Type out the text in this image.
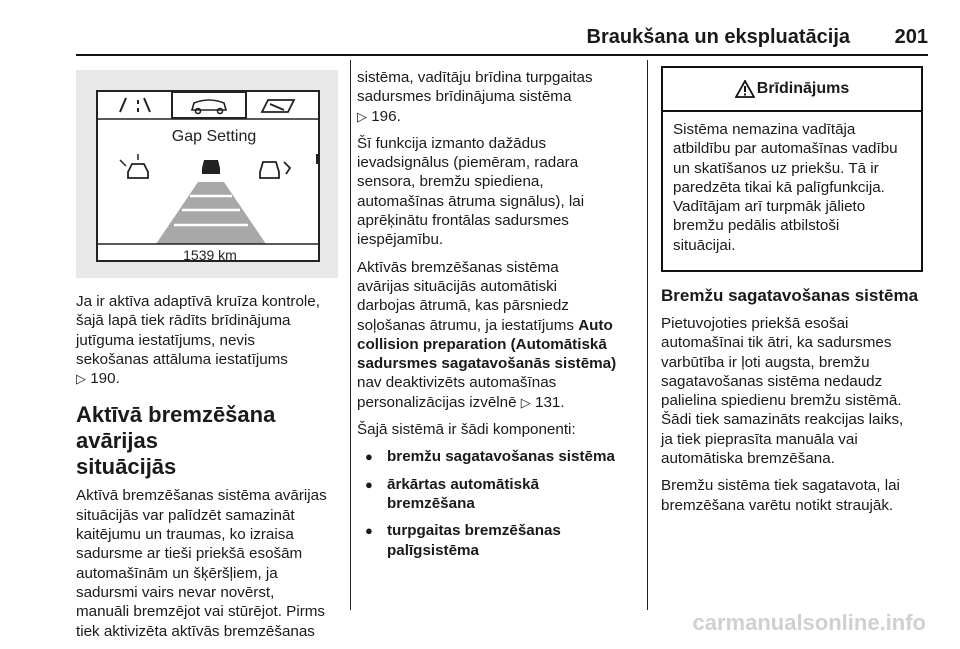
Braukšana un ekspluatācija 201
Gap Setting
1539 km

Ja ir aktīva adaptīvā kruīza kontrole,
šajā lapā tiek rādīts brīdinājuma
jutīguma iestatījums, nevis
sekošanas attāluma iestatījums
▷ 190.

Aktīvā bremzēšana avārijas
situācijās

Aktīvā bremzēšanas sistēma avārijas
situācijās var palīdzēt samazināt
kaitējumu un traumas, ko izraisa
sadursme ar tieši priekšā esošām
automašīnām un šķēršļiem, ja
sadursmi vairs nevar novērst,
manuāli bremzējot vai stūrējot. Pirms
tiek aktivizēta aktīvās bremzēšanas

sistēma, vadītāju brīdina turpgaitas
sadursmes brīdinājuma sistēma
▷ 196.

Šī funkcija izmanto dažādus
ievadsignālus (piemēram, radara
sensora, bremžu spiediena,
automašīnas ātruma signālus), lai
aprēķinātu frontālas sadursmes
iespējamību.

Aktīvās bremzēšanas sistēma
avārijas situācijās automātiski
darbojas ātrumā, kas pārsniedz
soļošanas ātrumu, ja iestatījums Auto
collision preparation (Automātiskā
sadursmes sagatavošanās sistēma)
nav deaktivizēts automašīnas
personalizācijas izvēlnē ▷ 131.

Šajā sistēmā ir šādi komponenti:

● bremžu sagatavošanas sistēma
● ārkārtas automātiskā
bremzēšana
● turpgaitas bremzēšanas
palīgsistēma
Brīdinājums
Sistēma nemazina vadītāja
atbildību par automašīnas vadību
un skatīšanos uz priekšu. Tā ir
paredzēta tikai kā palīgfunkcija.
Vadītājam arī turpmāk jālieto
bremžu pedālis atbilstoši
situācijai.
Bremžu sagatavošanas sistēma

Pietuvojoties priekšā esošai
automašīnai tik ātri, ka sadursmes
varbūtība ir ļoti augsta, bremžu
sagatavošanas sistēma nedaudz
palielina spiedienu bremžu sistēmā.
Šādi tiek samazināts reakcijas laiks,
ja tiek pieprasīta manuāla vai
automātiska bremzēšana.

Bremžu sistēma tiek sagatavota, lai
bremzēšana varētu notikt straujāk.

carmanualsonline.info
